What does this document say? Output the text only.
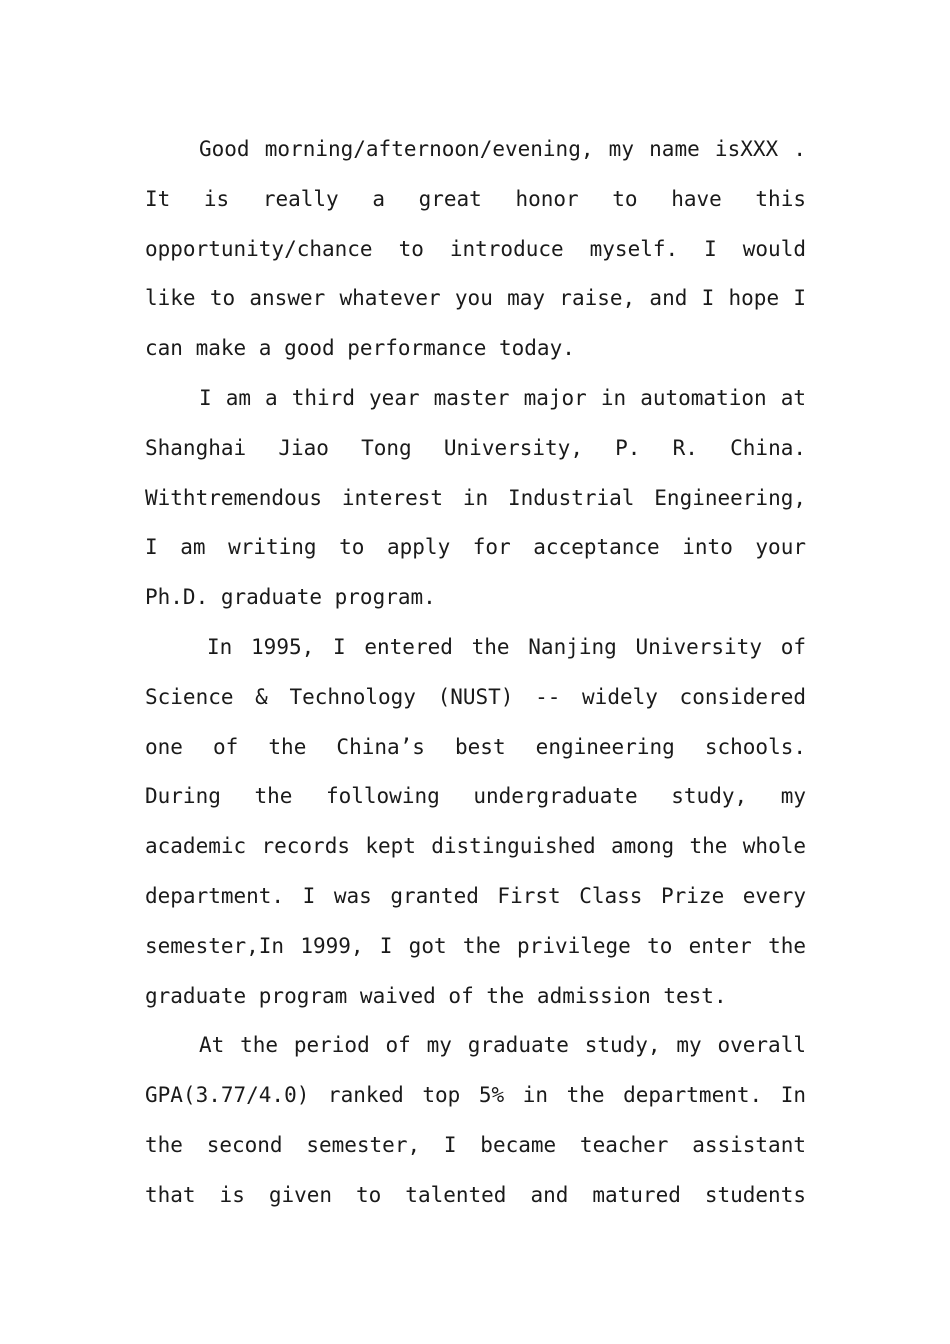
Good morning/afternoon/evening, my name isXXX .
It is really a great honor to have this
opportunity/chance to introduce myself. I would
like to answer whatever you may raise, and I hope I
can make a good performance today.
I am a third year master major in automation at
Shanghai Jiao Tong University, P. R. China.
Withtremendous interest in Industrial Engineering,
I am writing to apply for acceptance into your
Ph.D. graduate program.
In 1995, I entered the Nanjing University of
Science & Technology (NUST) -- widely considered
one of the China’s best engineering schools.
During the following undergraduate study, my
academic records kept distinguished among the whole
department. I was granted First Class Prize every
semester,In 1999, I got the privilege to enter the
graduate program waived of the admission test.
At the period of my graduate study, my overall
GPA(3.77/4.0) ranked top 5% in the department. In
the second semester, I became teacher assistant
that is given to talented and matured students
